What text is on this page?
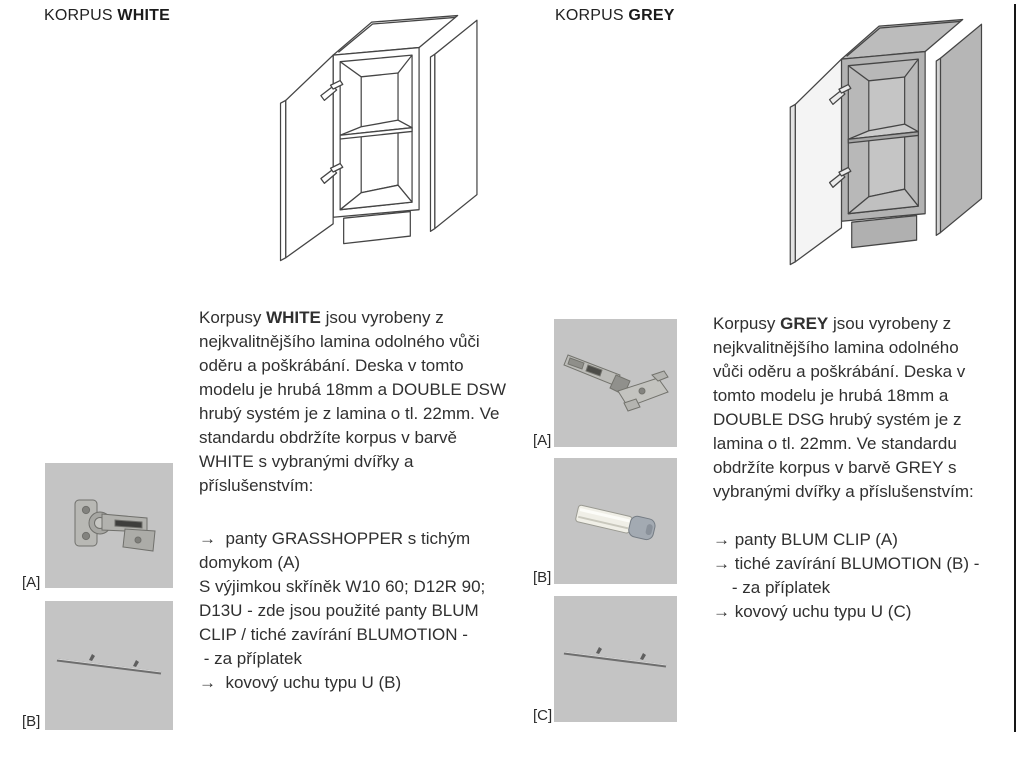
KORPUS WHITE
Korpusy WHITE jsou vyrobeny z
nejkvalitnějšího lamina odolného vůči
oděru a poškrábání. Deska v tomto
modelu je hrubá 18mm a DOUBLE DSW
hrubý systém je z lamina o tl. 22mm. Ve
standardu obdržíte korpus v barvě
WHITE s vybranými dvířky a
příslušenstvím:
→  panty GRASSHOPPER s tichým
domykom (A)
S výjimkou skříněk W10 60; D12R 90;
D13U - zde jsou použité panty BLUM
CLIP / tiché zavírání BLUMOTION -
- za příplatek
→  kovový uchu typu U (B)
[A]
[B]
KORPUS GREY
Korpusy GREY jsou vyrobeny z
nejkvalitnějšího lamina odolného
vůči oděru a poškrábání. Deska v
tomto modelu je hrubá 18mm a
DOUBLE DSG hrubý systém je z
lamina o tl. 22mm. Ve standardu
obdržíte korpus v barvě GREY s
vybranými dvířky a příslušenstvím:
→ panty BLUM CLIP (A)
→ tiché zavírání BLUMOTION (B) -
- za příplatek
→ kovový uchu typu U (C)
[A]
[B]
[C]
